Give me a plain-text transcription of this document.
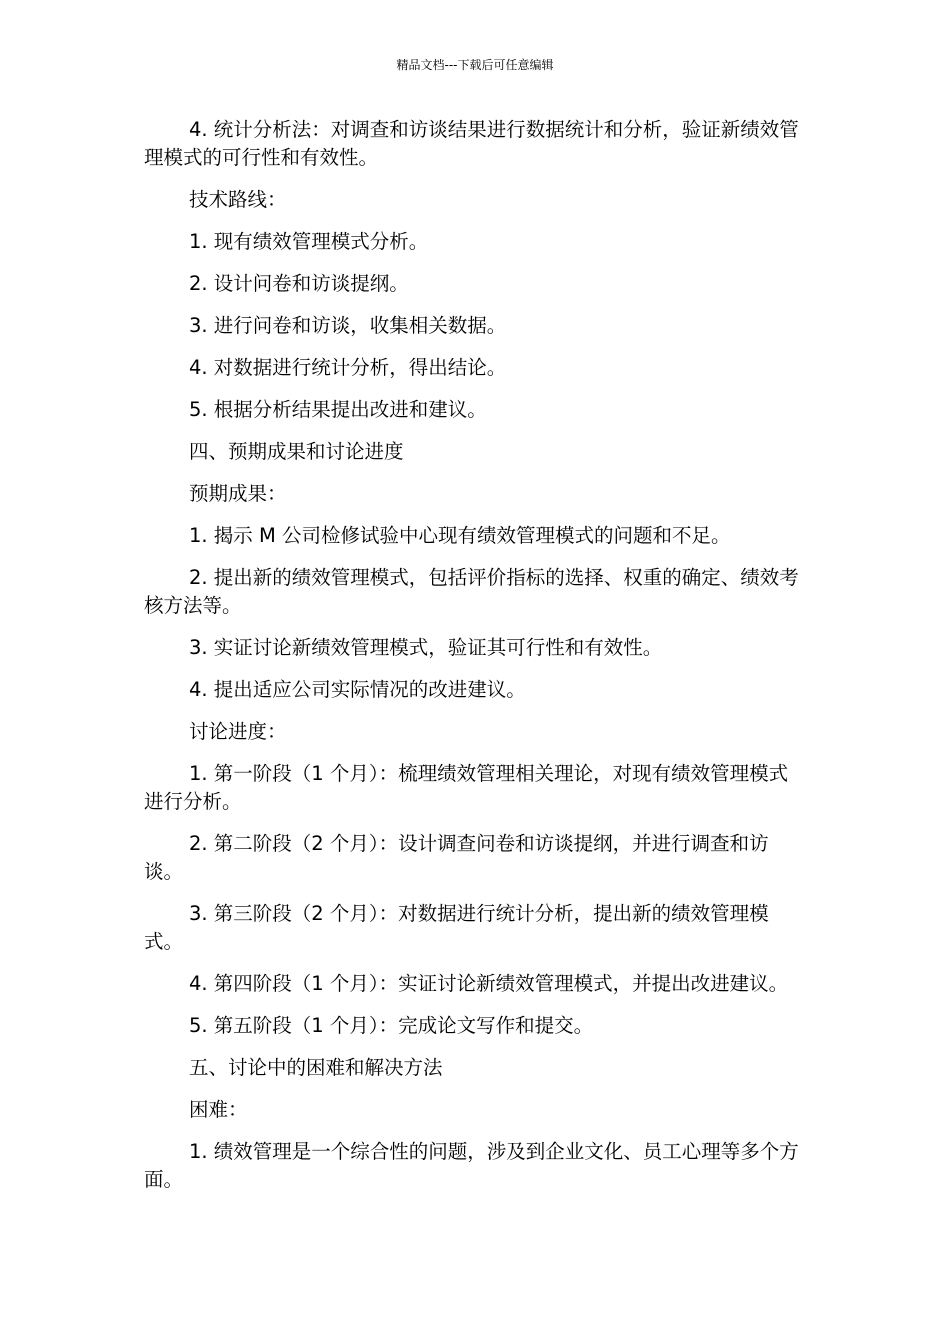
精品文档---下载后可任意编辑

4. 统计分析法：对调查和访谈结果进行数据统计和分析，验证新绩效管理模式的可行性和有效性。

技术路线：

1. 现有绩效管理模式分析。

2. 设计问卷和访谈提纲。

3. 进行问卷和访谈，收集相关数据。

4. 对数据进行统计分析，得出结论。

5. 根据分析结果提出改进和建议。

四、预期成果和讨论进度

预期成果：

1. 揭示 M 公司检修试验中心现有绩效管理模式的问题和不足。

2. 提出新的绩效管理模式，包括评价指标的选择、权重的确定、绩效考核方法等。

3. 实证讨论新绩效管理模式，验证其可行性和有效性。

4. 提出适应公司实际情况的改进建议。

讨论进度：

1. 第一阶段（1 个月）：梳理绩效管理相关理论，对现有绩效管理模式进行分析。

2. 第二阶段（2 个月）：设计调查问卷和访谈提纲，并进行调查和访谈。

3. 第三阶段（2 个月）：对数据进行统计分析，提出新的绩效管理模式。

4. 第四阶段（1 个月）：实证讨论新绩效管理模式，并提出改进建议。

5. 第五阶段（1 个月）：完成论文写作和提交。

五、讨论中的困难和解决方法

困难：

1. 绩效管理是一个综合性的问题，涉及到企业文化、员工心理等多个方面。
